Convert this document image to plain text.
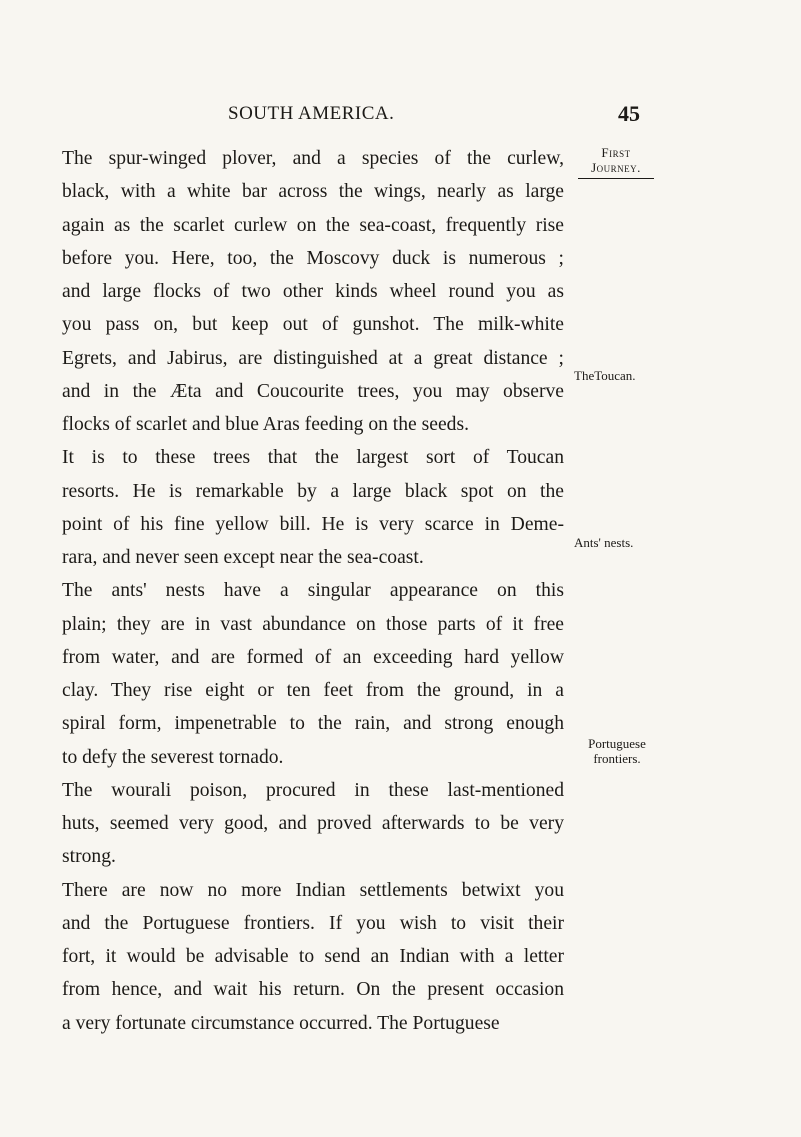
SOUTH AMERICA.	45
First
Journey.
TheToucan.
Ants' nests.
Portuguese
frontiers.
The spur-winged plover, and a species of the curlew,
black, with a white bar across the wings, nearly as large
again as the scarlet curlew on the sea-coast, frequently rise
before you. Here, too, the Moscovy duck is numerous ;
and large flocks of two other kinds wheel round you as
you pass on, but keep out of gunshot. The milk-white
Egrets, and Jabirus, are distinguished at a great distance ;
and in the Æta and Coucourite trees, you may observe
flocks of scarlet and blue Aras feeding on the seeds.
It is to these trees that the largest sort of Toucan
resorts. He is remarkable by a large black spot on the
point of his fine yellow bill. He is very scarce in Deme-
rara, and never seen except near the sea-coast.
The ants' nests have a singular appearance on this
plain; they are in vast abundance on those parts of it free
from water, and are formed of an exceeding hard yellow
clay. They rise eight or ten feet from the ground, in a
spiral form, impenetrable to the rain, and strong enough
to defy the severest tornado.
The wourali poison, procured in these last-mentioned
huts, seemed very good, and proved afterwards to be very
strong.
There are now no more Indian settlements betwixt you
and the Portuguese frontiers. If you wish to visit their
fort, it would be advisable to send an Indian with a letter
from hence, and wait his return. On the present occasion
a very fortunate circumstance occurred. The Portuguese
